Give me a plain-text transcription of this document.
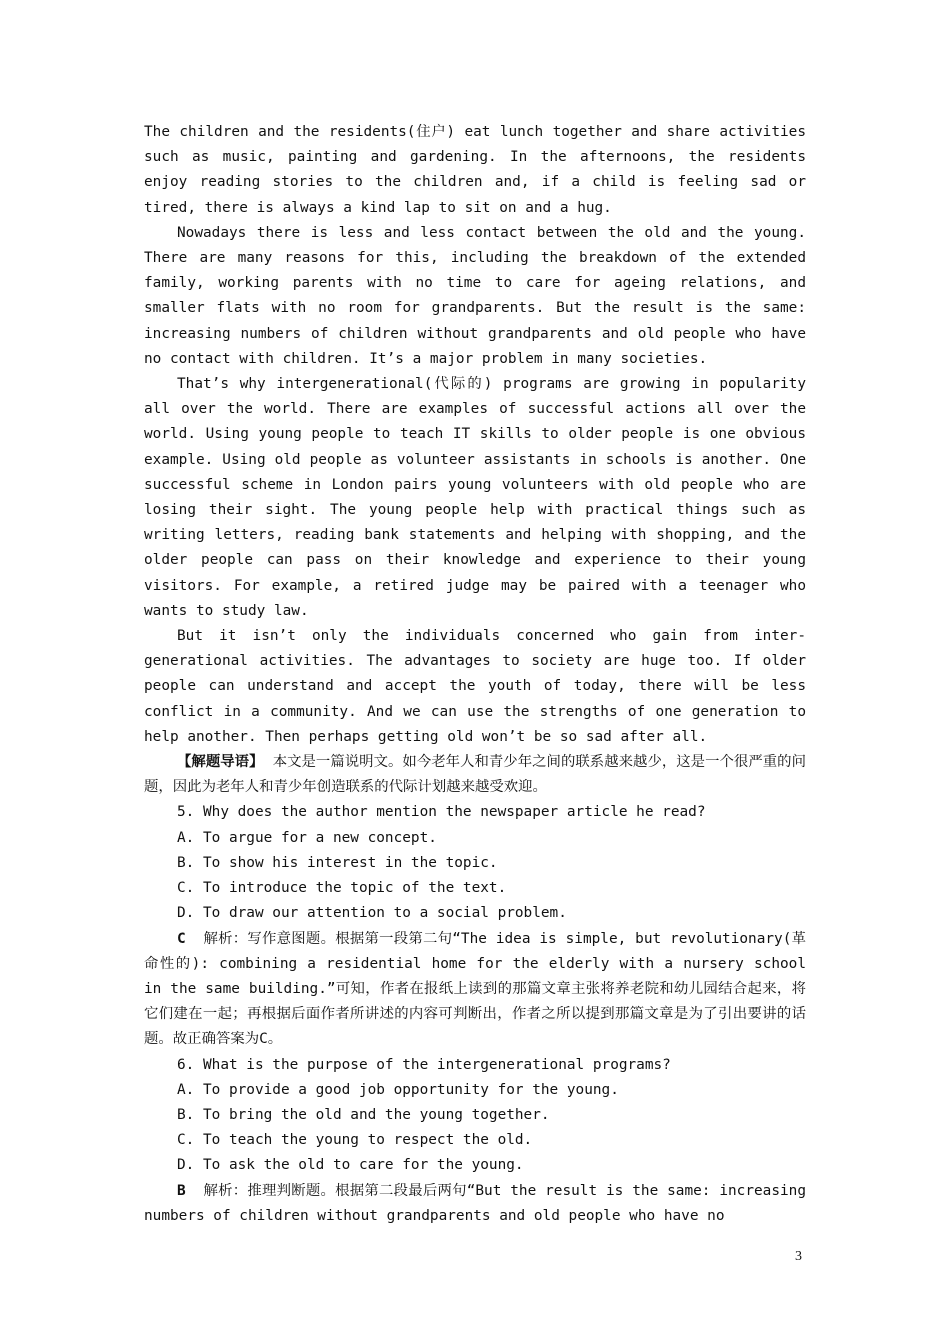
The children and the residents(住户) eat lunch together and share activities such as music, painting and gardening. In the afternoons, the residents enjoy reading stories to the children and, if a child is feeling sad or tired, there is always a kind lap to sit on and a hug.

Nowadays there is less and less contact between the old and the young. There are many reasons for this, including the breakdown of the extended family, working parents with no time to care for ageing relations, and smaller flats with no room for grandparents. But the result is the same: increasing numbers of children without grandparents and old people who have no contact with children. It’s a major problem in many societies.

That’s why intergenerational(代际的) programs are growing in popularity all over the world. There are examples of successful actions all over the world. Using young people to teach IT skills to older people is one obvious example. Using old people as volunteer assistants in schools is another. One successful scheme in London pairs young volunteers with old people who are losing their sight. The young people help with practical things such as writing letters, reading bank statements and helping with shopping, and the older people can pass on their knowledge and experience to their young visitors. For example, a retired judge may be paired with a teenager who wants to study law.

But it isn’t only the individuals concerned who gain from inter-generational activities. The advantages to society are huge too. If older people can understand and accept the youth of today, there will be less conflict in a community. And we can use the strengths of one generation to help another. Then perhaps getting old won’t be so sad after all.

【解题导语】 本文是一篇说明文。如今老年人和青少年之间的联系越来越少，这是一个很严重的问题，因此为老年人和青少年创造联系的代际计划越来越受欢迎。

5. Why does the author mention the newspaper article he read?

A. To argue for a new concept.

B. To show his interest in the topic.

C. To introduce the topic of the text.

D. To draw our attention to a social problem.

C 解析：写作意图题。根据第一段第二句“The idea is simple, but revolutionary(革命性的): combining a residential home for the elderly with a nursery school in the same building.”可知，作者在报纸上读到的那篇文章主张将养老院和幼儿园结合起来，将它们建在一起；再根据后面作者所讲述的内容可判断出，作者之所以提到那篇文章是为了引出要讲的话题。故正确答案为C。

6. What is the purpose of the intergenerational programs?

A. To provide a good job opportunity for the young.

B. To bring the old and the young together.

C. To teach the young to respect the old.

D. To ask the old to care for the young.

B 解析：推理判断题。根据第二段最后两句“But the result is the same: increasing numbers of children without grandparents and old people who have no

3
